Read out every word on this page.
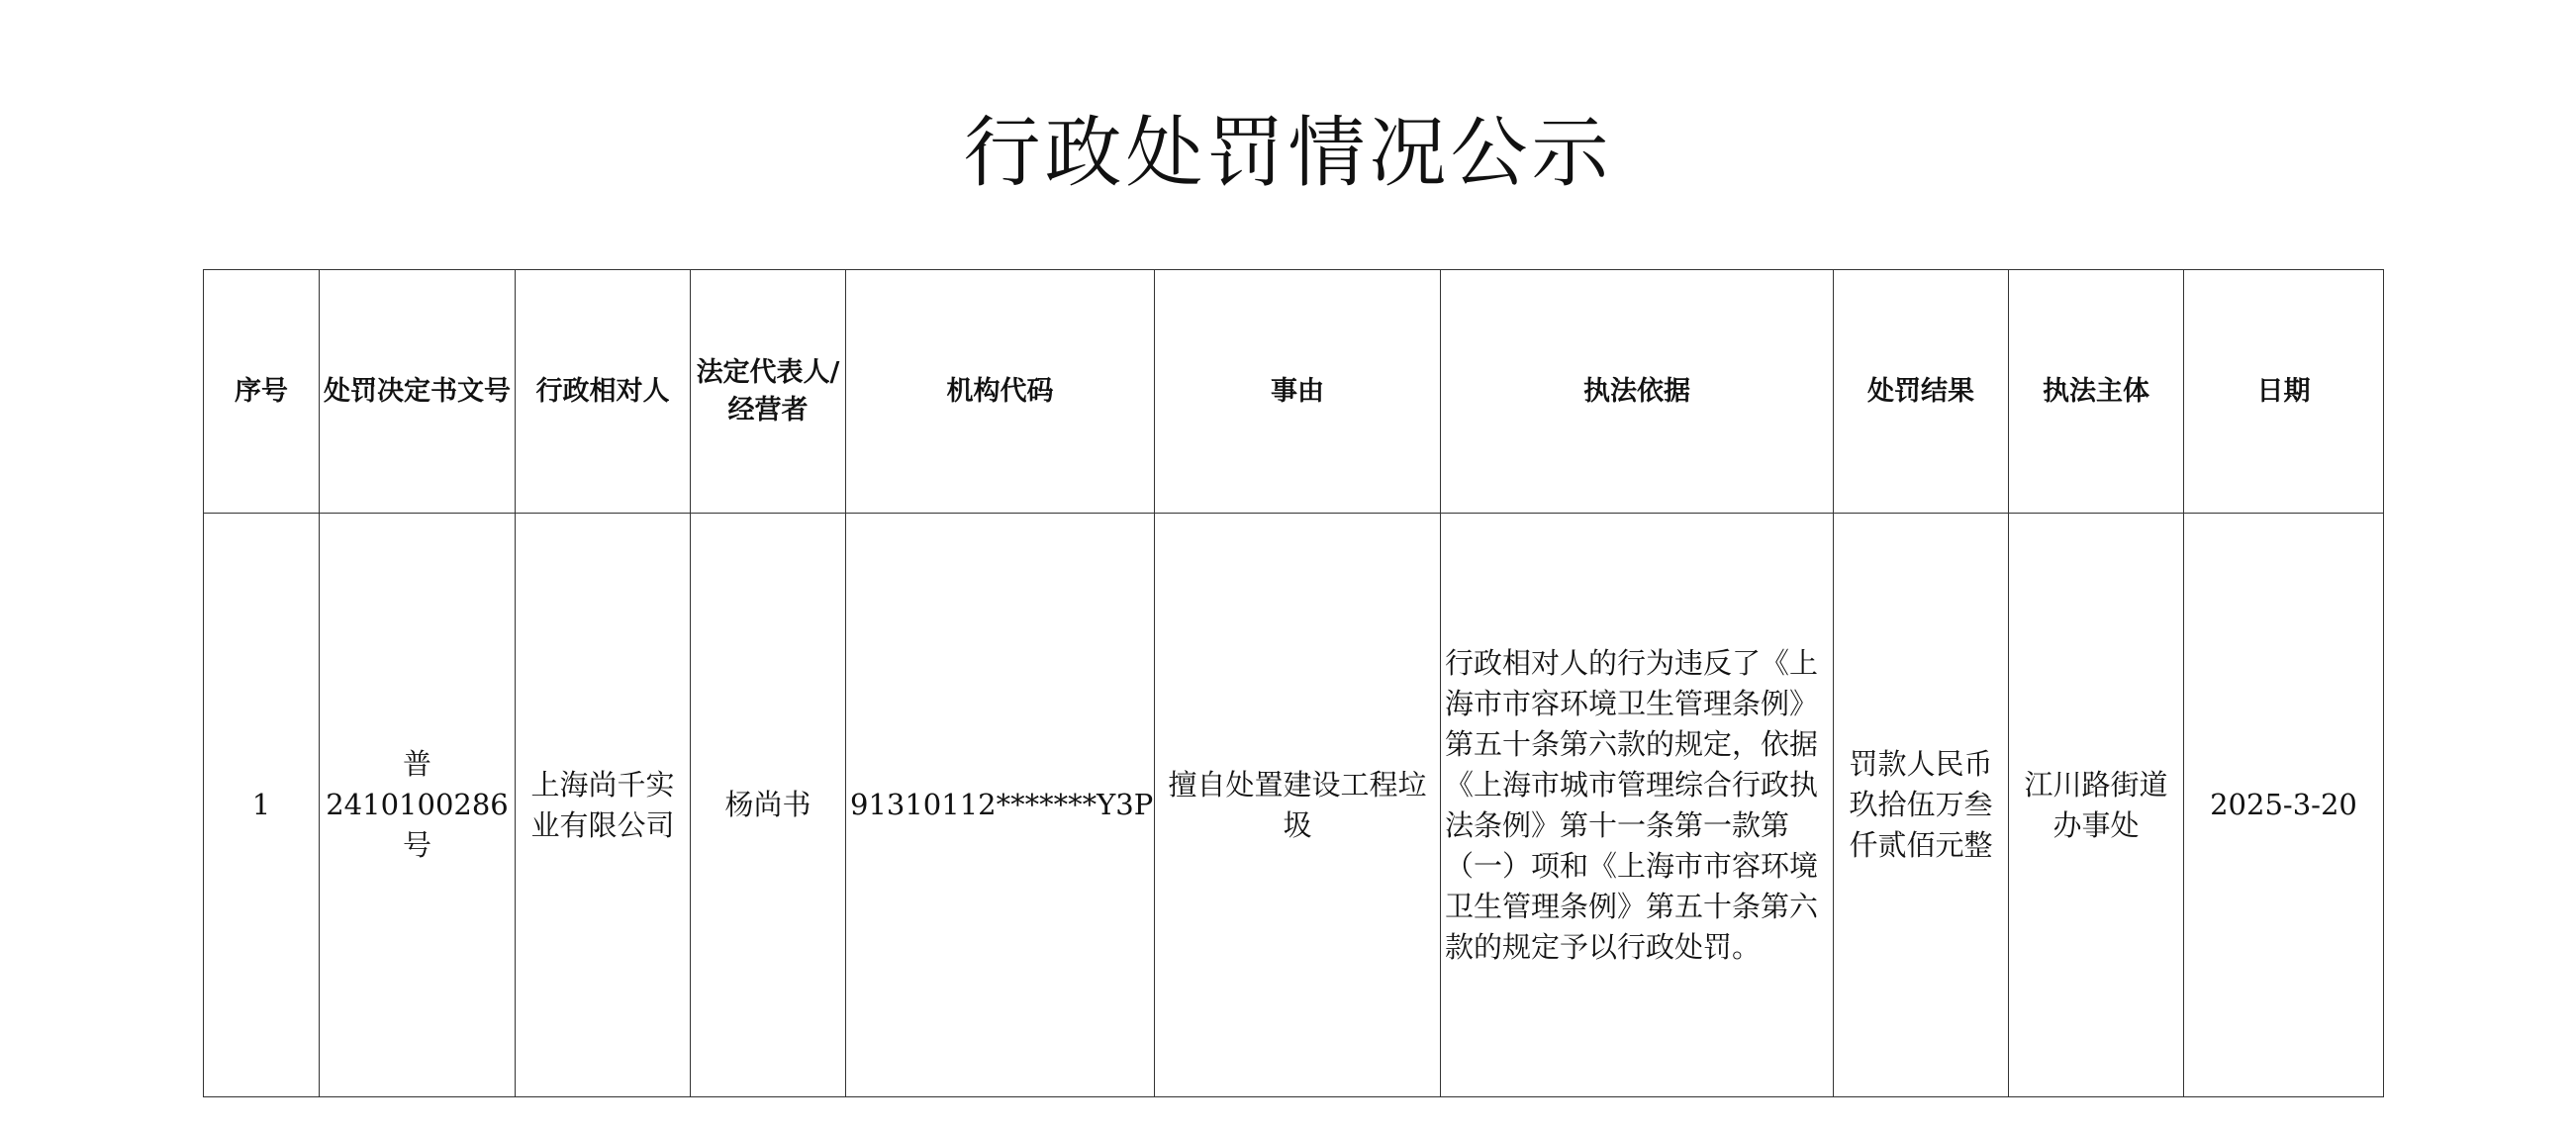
行政处罚情况公示
序号	处罚决定书文号	行政相对人	法定代表人/经营者	机构代码	事由	执法依据	处罚结果	执法主体	日期
1	普2410100286号	上海尚千实业有限公司	杨尚书	91310112*******Y3P	擅自处置建设工程垃圾	行政相对人的行为违反了《上海市市容环境卫生管理条例》第五十条第六款的规定，依据《上海市城市管理综合行政执法条例》第十一条第一款第（一）项和《上海市市容环境卫生管理条例》第五十条第六款的规定予以行政处罚。	罚款人民币玖拾伍万叁仟贰佰元整	江川路街道办事处	2025-3-20
